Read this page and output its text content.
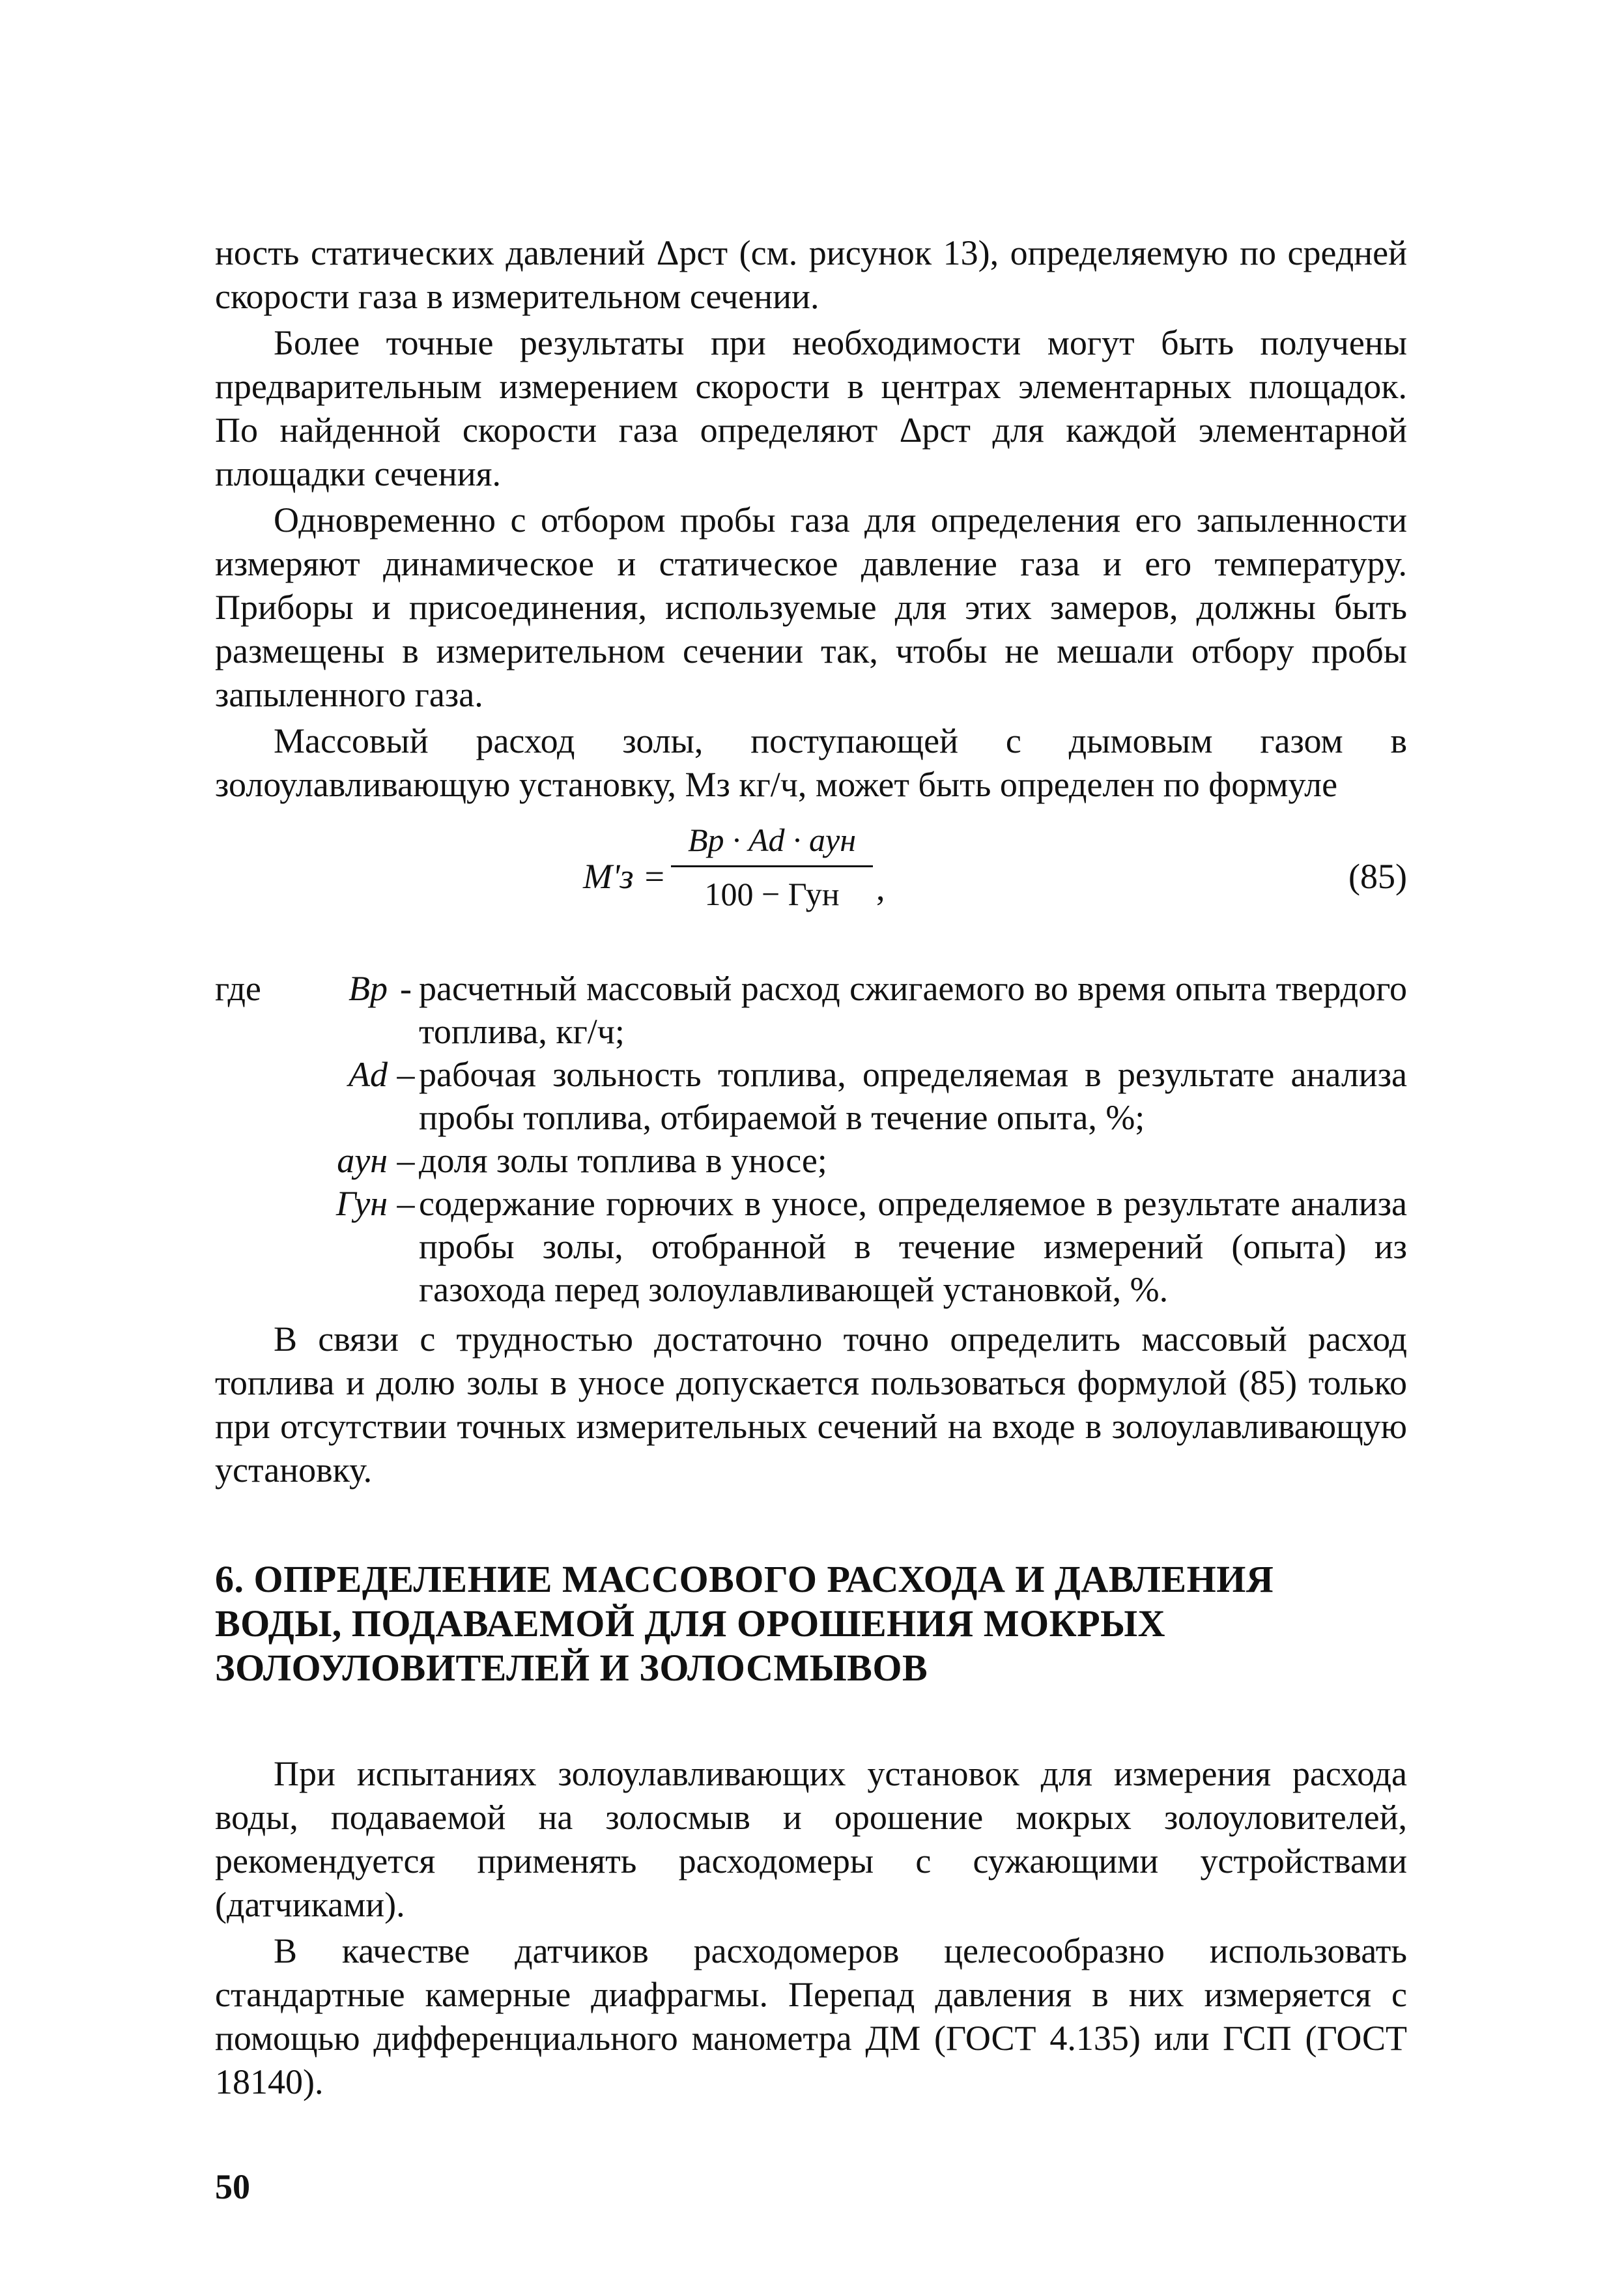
ность статических давлений Δpст (см. рисунок 13), определяемую по средней скорости газа в измерительном сечении.

Более точные результаты при необходимости могут быть получены предварительным измерением скорости в центрах элементарных площадок. По найденной скорости газа определяют Δрст для каждой элементарной площадки сечения.

Одновременно с отбором пробы газа для определения его запыленности измеряют динамическое и статическое давление газа и его температуру. Приборы и присоединения, используемые для этих замеров, должны быть размещены в измерительном сечении так, чтобы не мешали отбору пробы запыленного газа.

Массовый расход золы, поступающей с дымовым газом в золоулавливающую установку, Mз кг/ч, может быть определен по формуле

M'з =
Bр · Ad · aун
100 − Гун	,	(85)
где	Bр - расчетный массовый расход сжигаемого во время опыта твердого топлива, кг/ч;
Ad – рабочая зольность топлива, определяемая в результате анализа пробы топлива, отбираемой в течение опыта, %;
aун – доля золы топлива в уносе;
Гун – содержание горючих в уносе, определяемое в результате анализа пробы золы, отобранной в течение измерений (опыта) из газохода перед золоулавливающей установкой, %.

В связи с трудностью достаточно точно определить массовый расход топлива и долю золы в уносе допускается пользоваться формулой (85) только при отсутствии точных измерительных сечений на входе в золоулавливающую установку.

6. ОПРЕДЕЛЕНИЕ МАССОВОГО РАСХОДА И ДАВЛЕНИЯ
ВОДЫ, ПОДАВАЕМОЙ ДЛЯ ОРОШЕНИЯ МОКРЫХ
ЗОЛОУЛОВИТЕЛЕЙ И ЗОЛОСМЫВОВ

При испытаниях золоулавливающих установок для измерения расхода воды, подаваемой на золосмыв и орошение мокрых золоуловителей, рекомендуется применять расходомеры с сужающими устройствами (датчиками).

В качестве датчиков расходомеров целесообразно использовать стандартные камерные диафрагмы. Перепад давления в них измеряется с помощью дифференциального манометра ДМ (ГОСТ 4.135) или ГСП (ГОСТ 18140).

50
